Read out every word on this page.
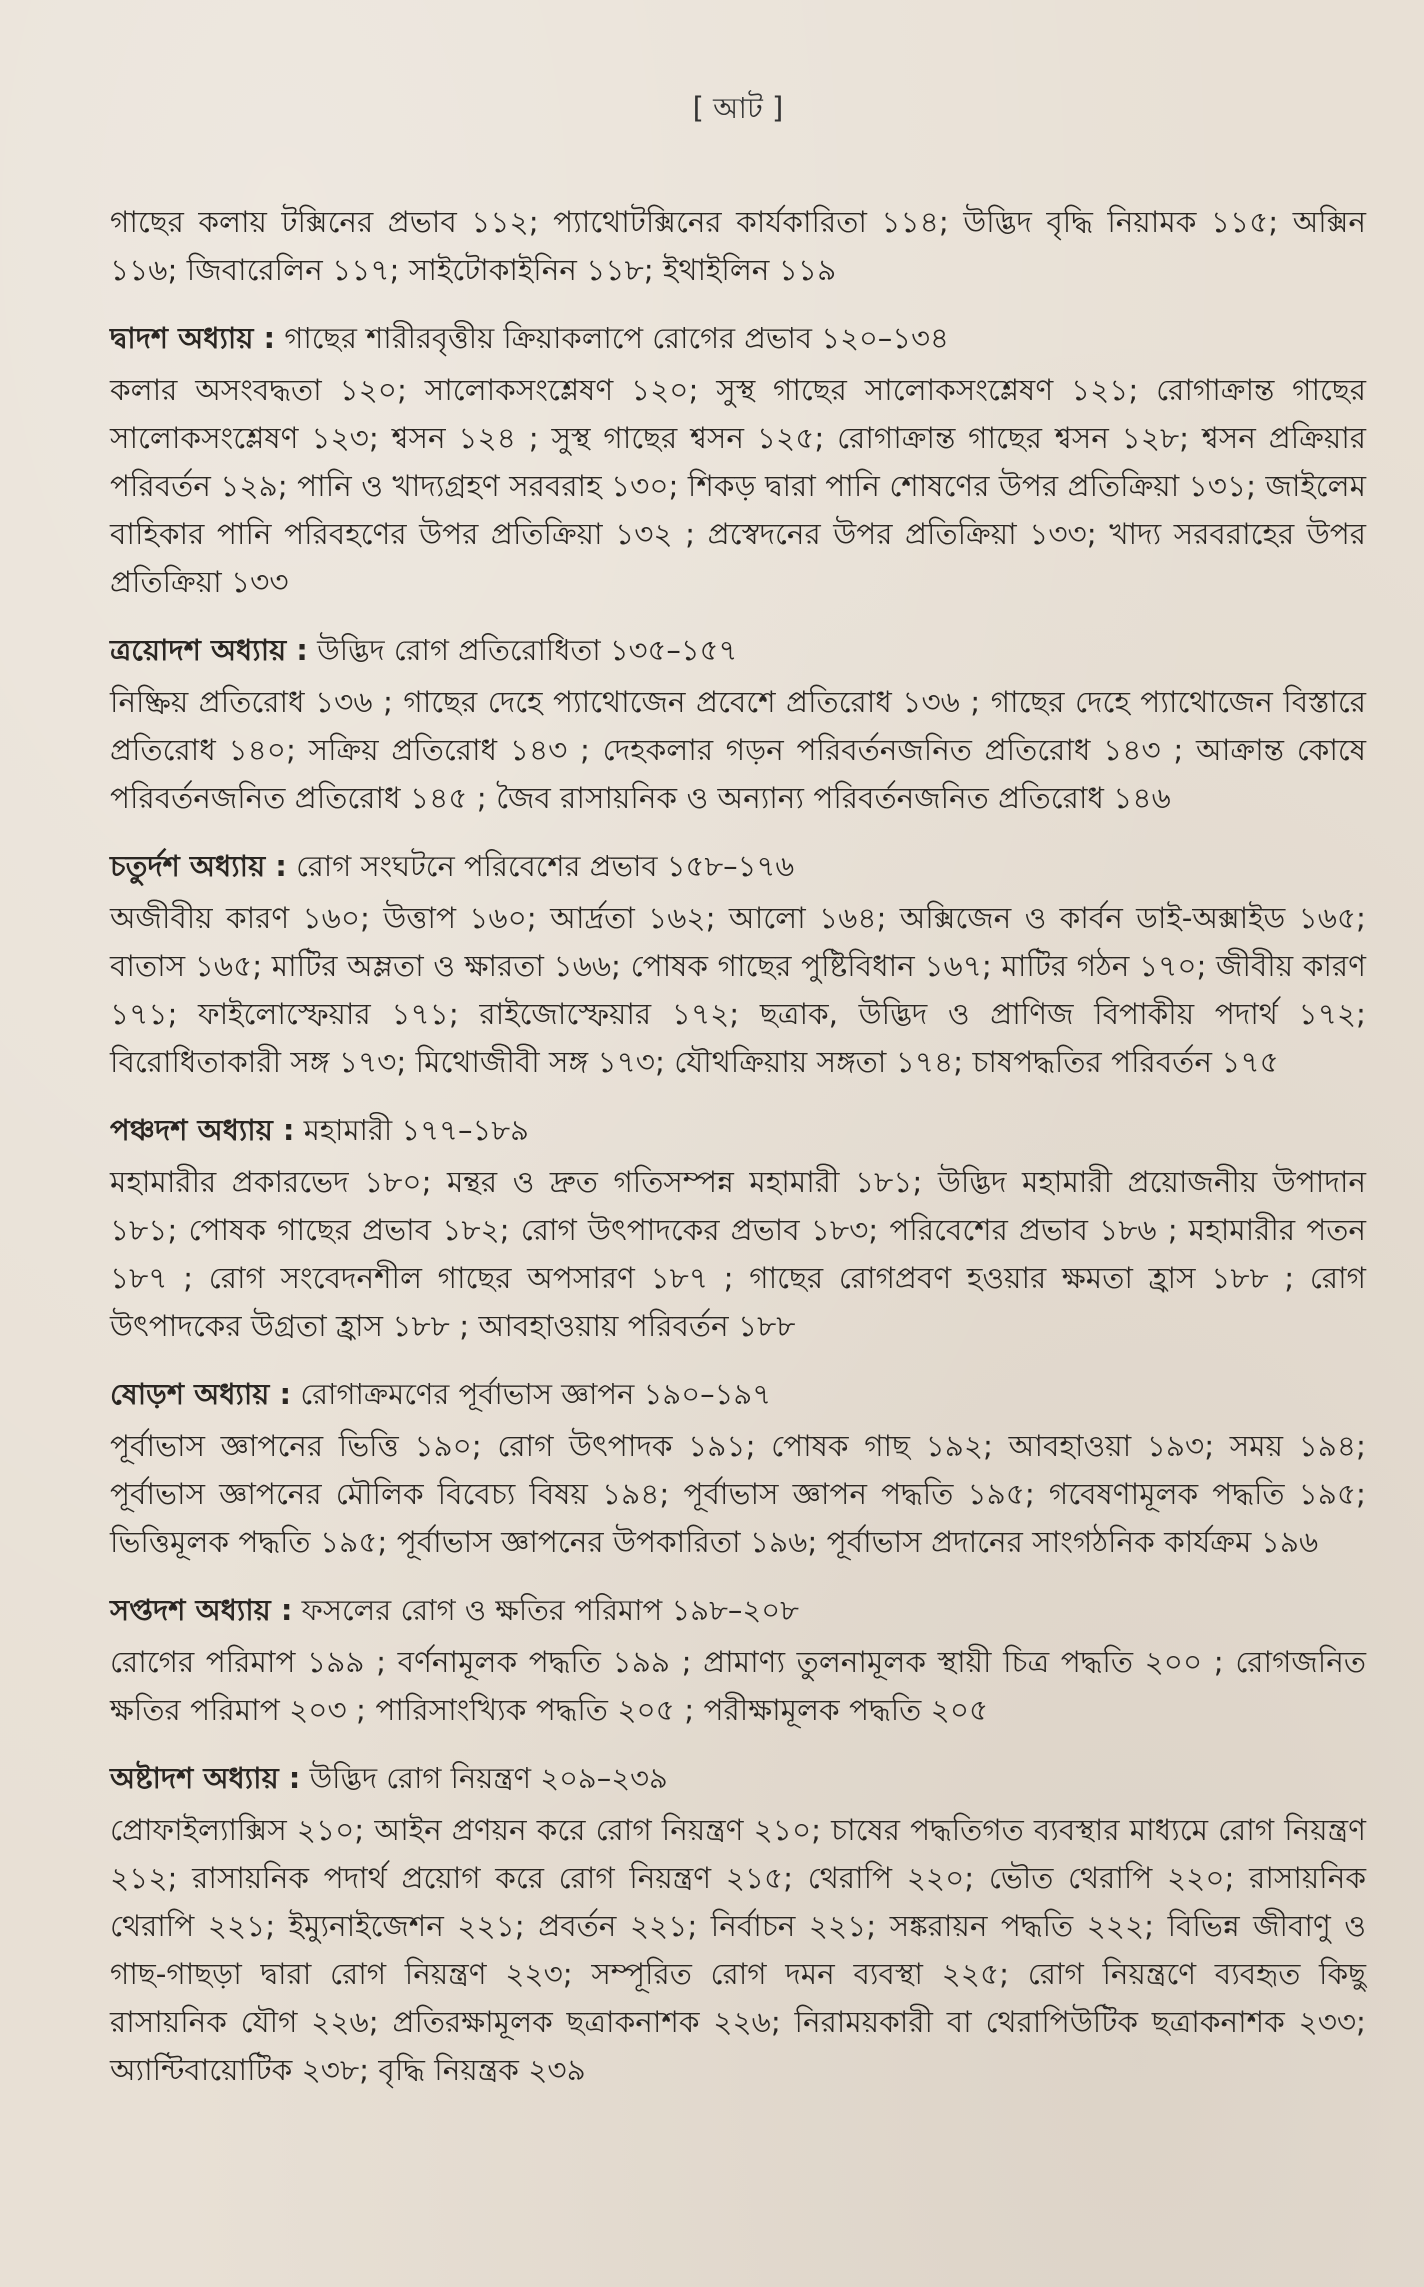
[ আট ]

গাছের কলায় টক্সিনের প্রভাব ১১২; প্যাথোটক্সিনের কার্যকারিতা ১১৪; উদ্ভিদ বৃদ্ধি নিয়ামক ১১৫; অক্সিন ১১৬; জিবারেলিন ১১৭; সাইটোকাইনিন ১১৮; ইথাইলিন ১১৯

দ্বাদশ অধ্যায় : গাছের শারীরবৃত্তীয় ক্রিয়াকলাপে রোগের প্রভাব ১২০–১৩৪

কলার অসংবদ্ধতা ১২০; সালোকসংশ্লেষণ ১২০; সুস্থ গাছের সালোকসংশ্লেষণ ১২১; রোগাক্রান্ত গাছের সালোকসংশ্লেষণ ১২৩; শ্বসন ১২৪ ; সুস্থ গাছের শ্বসন ১২৫; রোগাক্রান্ত গাছের শ্বসন ১২৮; শ্বসন প্রক্রিয়ার পরিবর্তন ১২৯; পানি ও খাদ্যগ্রহণ সরবরাহ ১৩০; শিকড় দ্বারা পানি শোষণের উপর প্রতিক্রিয়া ১৩১; জাইলেম বাহিকার পানি পরিবহণের উপর প্রতিক্রিয়া ১৩২ ; প্রস্বেদনের উপর প্রতিক্রিয়া ১৩৩; খাদ্য সরবরাহের উপর প্রতিক্রিয়া ১৩৩

ত্রয়োদশ অধ্যায় : উদ্ভিদ রোগ প্রতিরোধিতা ১৩৫–১৫৭

নিষ্ক্রিয় প্রতিরোধ ১৩৬ ; গাছের দেহে প্যাথোজেন প্রবেশে প্রতিরোধ ১৩৬ ; গাছের দেহে প্যাথোজেন বিস্তারে প্রতিরোধ ১৪০; সক্রিয় প্রতিরোধ ১৪৩ ; দেহকলার গড়ন পরিবর্তনজনিত প্রতিরোধ ১৪৩ ; আক্রান্ত কোষে পরিবর্তনজনিত প্রতিরোধ ১৪৫ ; জৈব রাসায়নিক ও অন্যান্য পরিবর্তনজনিত প্রতিরোধ ১৪৬

চতুর্দশ অধ্যায় : রোগ সংঘটনে পরিবেশের প্রভাব ১৫৮–১৭৬

অজীবীয় কারণ ১৬০; উত্তাপ ১৬০; আর্দ্রতা ১৬২; আলো ১৬৪; অক্সিজেন ও কার্বন ডাই-অক্সাইড ১৬৫; বাতাস ১৬৫; মাটির অম্লতা ও ক্ষারতা ১৬৬; পোষক গাছের পুষ্টিবিধান ১৬৭; মাটির গঠন ১৭০; জীবীয় কারণ ১৭১; ফাইলোস্ফেয়ার ১৭১; রাইজোস্ফেয়ার ১৭২; ছত্রাক, উদ্ভিদ ও প্রাণিজ বিপাকীয় পদার্থ ১৭২; বিরোধিতাকারী সঙ্গ ১৭৩; মিথোজীবী সঙ্গ ১৭৩; যৌথক্রিয়ায় সঙ্গতা ১৭৪; চাষপদ্ধতির পরিবর্তন ১৭৫

পঞ্চদশ অধ্যায় : মহামারী ১৭৭–১৮৯

মহামারীর প্রকারভেদ ১৮০; মন্থর ও দ্রুত গতিসম্পন্ন মহামারী ১৮১; উদ্ভিদ মহামারী প্রয়োজনীয় উপাদান ১৮১; পোষক গাছের প্রভাব ১৮২; রোগ উৎপাদকের প্রভাব ১৮৩; পরিবেশের প্রভাব ১৮৬ ; মহামারীর পতন ১৮৭ ; রোগ সংবেদনশীল গাছের অপসারণ ১৮৭ ; গাছের রোগপ্রবণ হওয়ার ক্ষমতা হ্রাস ১৮৮ ; রোগ উৎপাদকের উগ্রতা হ্রাস ১৮৮ ; আবহাওয়ায় পরিবর্তন ১৮৮

ষোড়শ অধ্যায় : রোগাক্রমণের পূর্বাভাস জ্ঞাপন ১৯০–১৯৭

পূর্বাভাস জ্ঞাপনের ভিত্তি ১৯০; রোগ উৎপাদক ১৯১; পোষক গাছ ১৯২; আবহাওয়া ১৯৩; সময় ১৯৪; পূর্বাভাস জ্ঞাপনের মৌলিক বিবেচ্য বিষয় ১৯৪; পূর্বাভাস জ্ঞাপন পদ্ধতি ১৯৫; গবেষণামূলক পদ্ধতি ১৯৫; ভিত্তিমূলক পদ্ধতি ১৯৫; পূর্বাভাস জ্ঞাপনের উপকারিতা ১৯৬; পূর্বাভাস প্রদানের সাংগঠনিক কার্যক্রম ১৯৬

সপ্তদশ অধ্যায় : ফসলের রোগ ও ক্ষতির পরিমাপ ১৯৮–২০৮

রোগের পরিমাপ ১৯৯ ; বর্ণনামূলক পদ্ধতি ১৯৯ ; প্রামাণ্য তুলনামূলক স্থায়ী চিত্র পদ্ধতি ২০০ ; রোগজনিত ক্ষতির পরিমাপ ২০৩ ; পারিসাংখ্যিক পদ্ধতি ২০৫ ; পরীক্ষামূলক পদ্ধতি ২০৫

অষ্টাদশ অধ্যায় : উদ্ভিদ রোগ নিয়ন্ত্রণ ২০৯–২৩৯

প্রোফাইল্যাক্সিস ২১০; আইন প্রণয়ন করে রোগ নিয়ন্ত্রণ ২১০; চাষের পদ্ধতিগত ব্যবস্থার মাধ্যমে রোগ নিয়ন্ত্রণ ২১২; রাসায়নিক পদার্থ প্রয়োগ করে রোগ নিয়ন্ত্রণ ২১৫; থেরাপি ২২০; ভৌত থেরাপি ২২০; রাসায়নিক থেরাপি ২২১; ইম্যুনাইজেশন ২২১; প্রবর্তন ২২১; নির্বাচন ২২১; সঙ্করায়ন পদ্ধতি ২২২; বিভিন্ন জীবাণু ও গাছ-গাছড়া দ্বারা রোগ নিয়ন্ত্রণ ২২৩; সম্পূরিত রোগ দমন ব্যবস্থা ২২৫; রোগ নিয়ন্ত্রণে ব্যবহৃত কিছু রাসায়নিক যৌগ ২২৬; প্রতিরক্ষামূলক ছত্রাকনাশক ২২৬; নিরাময়কারী বা থেরাপিউটিক ছত্রাকনাশক ২৩৩; অ্যান্টিবায়োটিক ২৩৮; বৃদ্ধি নিয়ন্ত্রক ২৩৯
